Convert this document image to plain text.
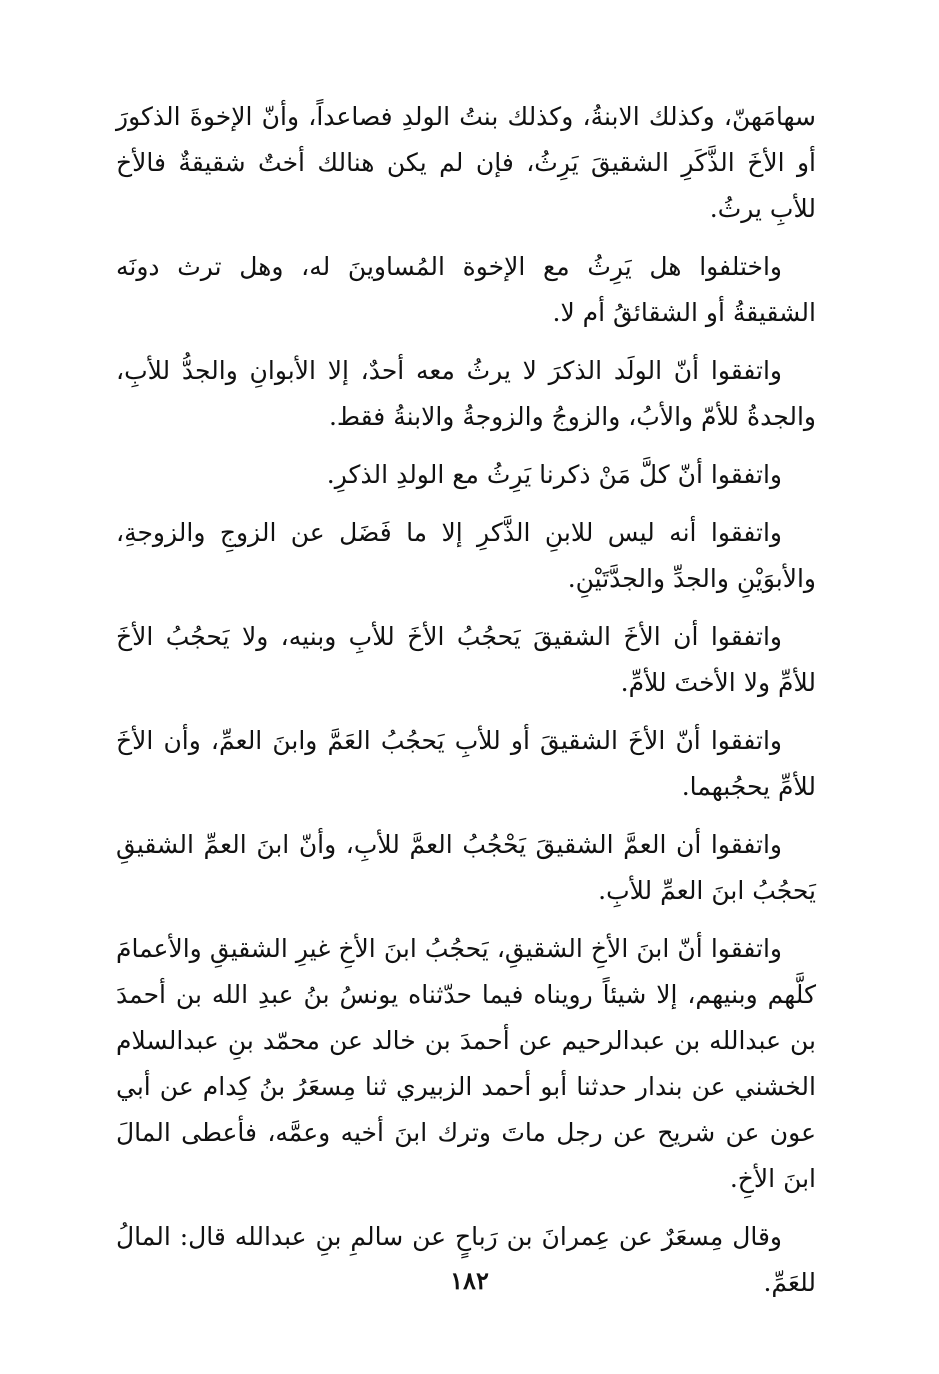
سهامَهنّ، وكذلك الابنةُ، وكذلك بنتُ الولدِ فصاعداً، وأنّ الإخوةَ الذكورَ أو الأخَ الذَّكَرِ الشقيقَ يَرِثُ، فإن لم يكن هنالك أختٌ شقيقةٌ فالأخ للأبِ يرثُ.

واختلفوا هل يَرِثُ مع الإخوة المُساوينَ له، وهل ترث دونَه الشقيقةُ أو الشقائقُ أم لا.

واتفقوا أنّ الولَد الذكرَ لا يرثُ معه أحدٌ، إلا الأبوانِ والجدُّ للأبِ، والجدةُ للأمّ والأبُ، والزوجُ والزوجةُ والابنةُ فقط.

واتفقوا أنّ كلَّ مَنْ ذكرنا يَرِثُ مع الولدِ الذكرِ.

واتفقوا أنه ليس للابنِ الذَّكرِ إلا ما فَضَل عن الزوجِ والزوجةِ، والأبوَيْنِ والجدِّ والجدَّتَيْنِ.

واتفقوا أن الأخَ الشقيقَ يَحجُبُ الأخَ للأبِ وبنيه، ولا يَحجُبُ الأخَ للأمِّ ولا الأختَ للأمِّ.

واتفقوا أنّ الأخَ الشقيقَ أو للأبِ يَحجُبُ العَمَّ وابنَ العمِّ، وأن الأخَ للأمِّ يحجُبهما.

واتفقوا أن العمَّ الشقيقَ يَحْجُبُ العمَّ للأبِ، وأنّ ابنَ العمِّ الشقيقِ يَحجُبُ ابنَ العمِّ للأبِ.

واتفقوا أنّ ابنَ الأخِ الشقيقِ، يَحجُبُ ابنَ الأخِ غيرِ الشقيقِ والأعمامَ كلَّهم وبنيهم، إلا شيئاً رويناه فيما حدّثناه يونسُ بنُ عبدِ الله بن أحمدَ بن عبدالله بن عبدالرحيم عن أحمدَ بن خالد عن محمّد بنِ عبدالسلام الخشني عن بندار حدثنا أبو أحمد الزبيري ثنا مِسعَرُ بنُ كِدام عن أبي عون عن شريح عن رجل ماتَ وترك ابنَ أخيه وعمَّه، فأعطى المالَ ابنَ الأخِ.

وقال مِسعَرٌ عن عِمرانَ بن رَباحٍ عن سالمِ بنِ عبدالله قال: المالُ للعَمِّ.

١٨٢
